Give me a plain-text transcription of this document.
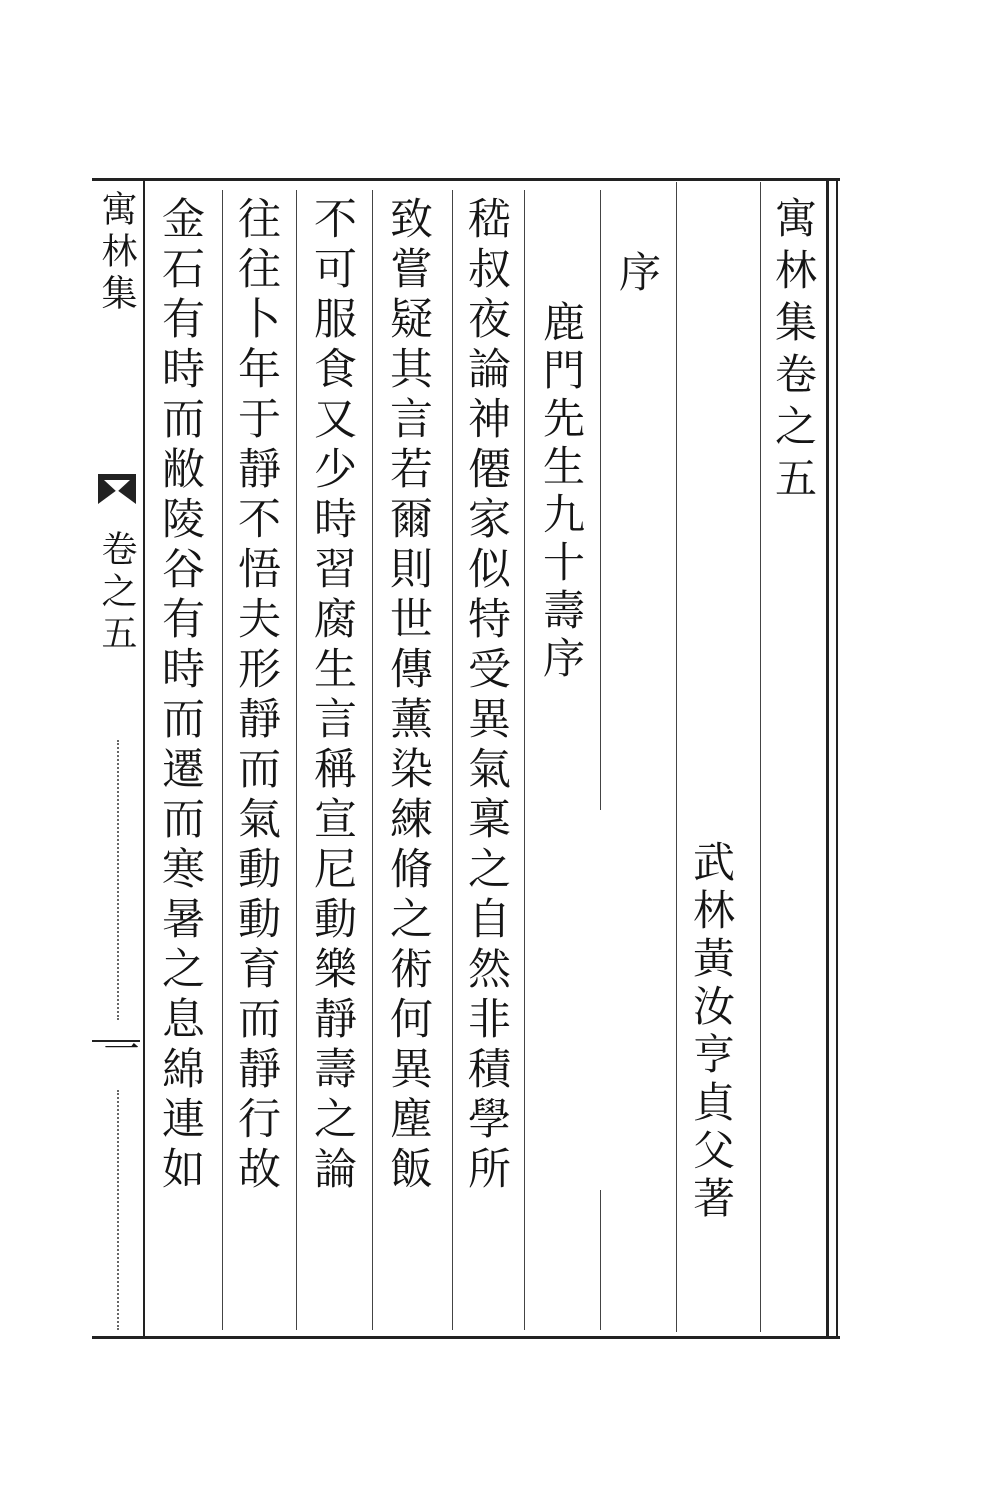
寓林集卷之五
武林黃汝亨貞父著
序
鹿門先生九十壽序
嵇叔夜論神僊家似特受異氣稟之自然非積學所
致嘗疑其言若爾則世傳薰染練脩之術何異塵飯
不可服食又少時習腐生言稱宣尼動樂靜壽之論
往往卜年于靜不悟夫形靜而氣動動育而靜行故
金石有時而敝陵谷有時而遷而寒暑之息綿連如
寓林集
卷之五
一
